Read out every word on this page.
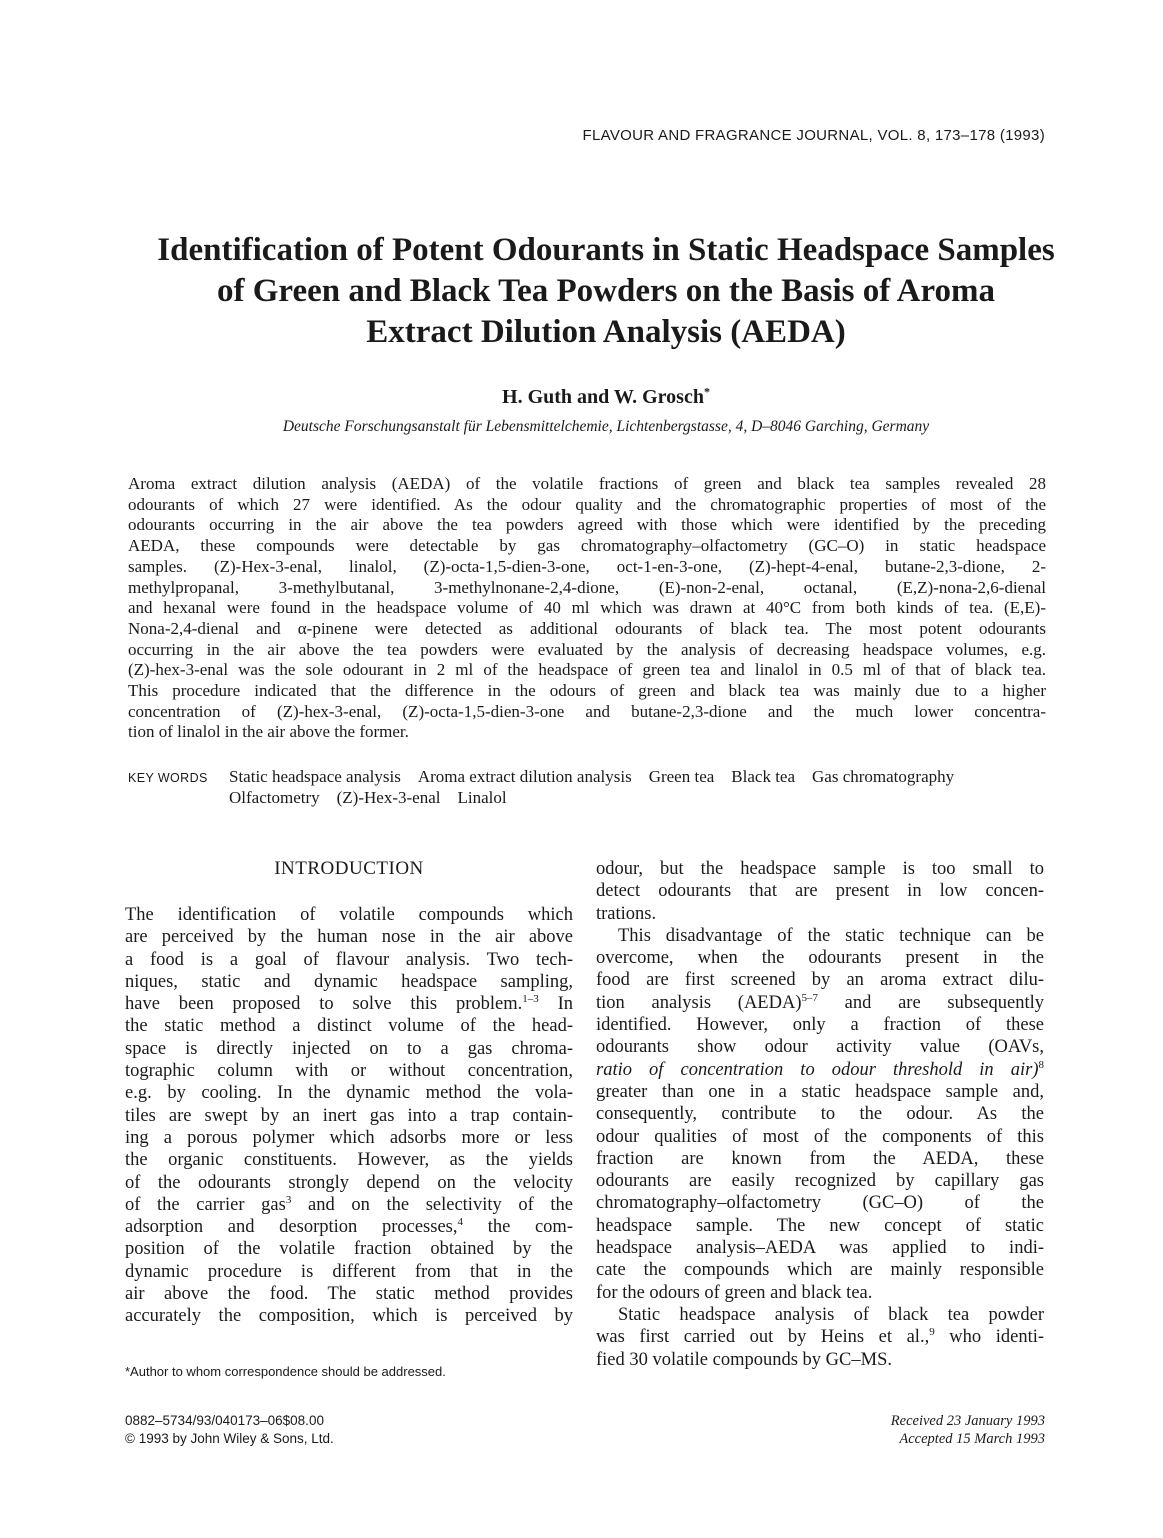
FLAVOUR AND FRAGRANCE JOURNAL, VOL. 8, 173–178 (1993)
Identification of Potent Odourants in Static Headspace Samples
of Green and Black Tea Powders on the Basis of Aroma
Extract Dilution Analysis (AEDA)
H. Guth and W. Grosch*
Deutsche Forschungsanstalt für Lebensmittelchemie, Lichtenbergstasse, 4, D–8046 Garching, Germany
Aroma extract dilution analysis (AEDA) of the volatile fractions of green and black tea samples revealed 28
odourants of which 27 were identified. As the odour quality and the chromatographic properties of most of the
odourants occurring in the air above the tea powders agreed with those which were identified by the preceding
AEDA, these compounds were detectable by gas chromatography–olfactometry (GC–O) in static headspace
samples. (Z)-Hex-3-enal, linalol, (Z)-octa-1,5-dien-3-one, oct-1-en-3-one, (Z)-hept-4-enal, butane-2,3-dione, 2-
methylpropanal, 3-methylbutanal, 3-methylnonane-2,4-dione, (E)-non-2-enal, octanal, (E,Z)-nona-2,6-dienal
and hexanal were found in the headspace volume of 40 ml which was drawn at 40°C from both kinds of tea. (E,E)-
Nona-2,4-dienal and α-pinene were detected as additional odourants of black tea. The most potent odourants
occurring in the air above the tea powders were evaluated by the analysis of decreasing headspace volumes, e.g.
(Z)-hex-3-enal was the sole odourant in 2 ml of the headspace of green tea and linalol in 0.5 ml of that of black tea.
This procedure indicated that the difference in the odours of green and black tea was mainly due to a higher
concentration of (Z)-hex-3-enal, (Z)-octa-1,5-dien-3-one and butane-2,3-dione and the much lower concentra-
tion of linalol in the air above the former.
KEY WORDS Static headspace analysis Aroma extract dilution analysis Green tea Black tea Gas chromatography
Olfactometry (Z)-Hex-3-enal Linalol
INTRODUCTION
The identification of volatile compounds which
are perceived by the human nose in the air above
a food is a goal of flavour analysis. Two tech-
niques, static and dynamic headspace sampling,
have been proposed to solve this problem.$^{1-3}$ In
the static method a distinct volume of the head-
space is directly injected on to a gas chroma-
tographic column with or without concentration,
e.g. by cooling. In the dynamic method the vola-
tiles are swept by an inert gas into a trap contain-
ing a porous polymer which adsorbs more or less
the organic constituents. However, as the yields
of the odourants strongly depend on the velocity
of the carrier gas$^3$ and on the selectivity of the
adsorption and desorption processes,$^4$ the com-
position of the volatile fraction obtained by the
dynamic procedure is different from that in the
air above the food. The static method provides
accurately the composition, which is perceived by
odour, but the headspace sample is too small to
detect odourants that are present in low concen-
trations.
This disadvantage of the static technique can be
overcome, when the odourants present in the
food are first screened by an aroma extract dilu-
tion analysis (AEDA)$^{5-7}$ and are subsequently
identified. However, only a fraction of these
odourants show odour activity value (OAVs,
ratio of concentration to odour threshold in air)$^8$
greater than one in a static headspace sample and,
consequently, contribute to the odour. As the
odour qualities of most of the components of this
fraction are known from the AEDA, these
odourants are easily recognized by capillary gas
chromatography–olfactometry (GC–O) of the
headspace sample. The new concept of static
headspace analysis–AEDA was applied to indi-
cate the compounds which are mainly responsible
for the odours of green and black tea.
Static headspace analysis of black tea powder
was first carried out by Heins et al.,$^9$ who identi-
fied 30 volatile compounds by GC–MS.
*Author to whom correspondence should be addressed.
0882–5734/93/040173–06$08.00
© 1993 by John Wiley & Sons, Ltd.
Received 23 January 1993
Accepted 15 March 1993
